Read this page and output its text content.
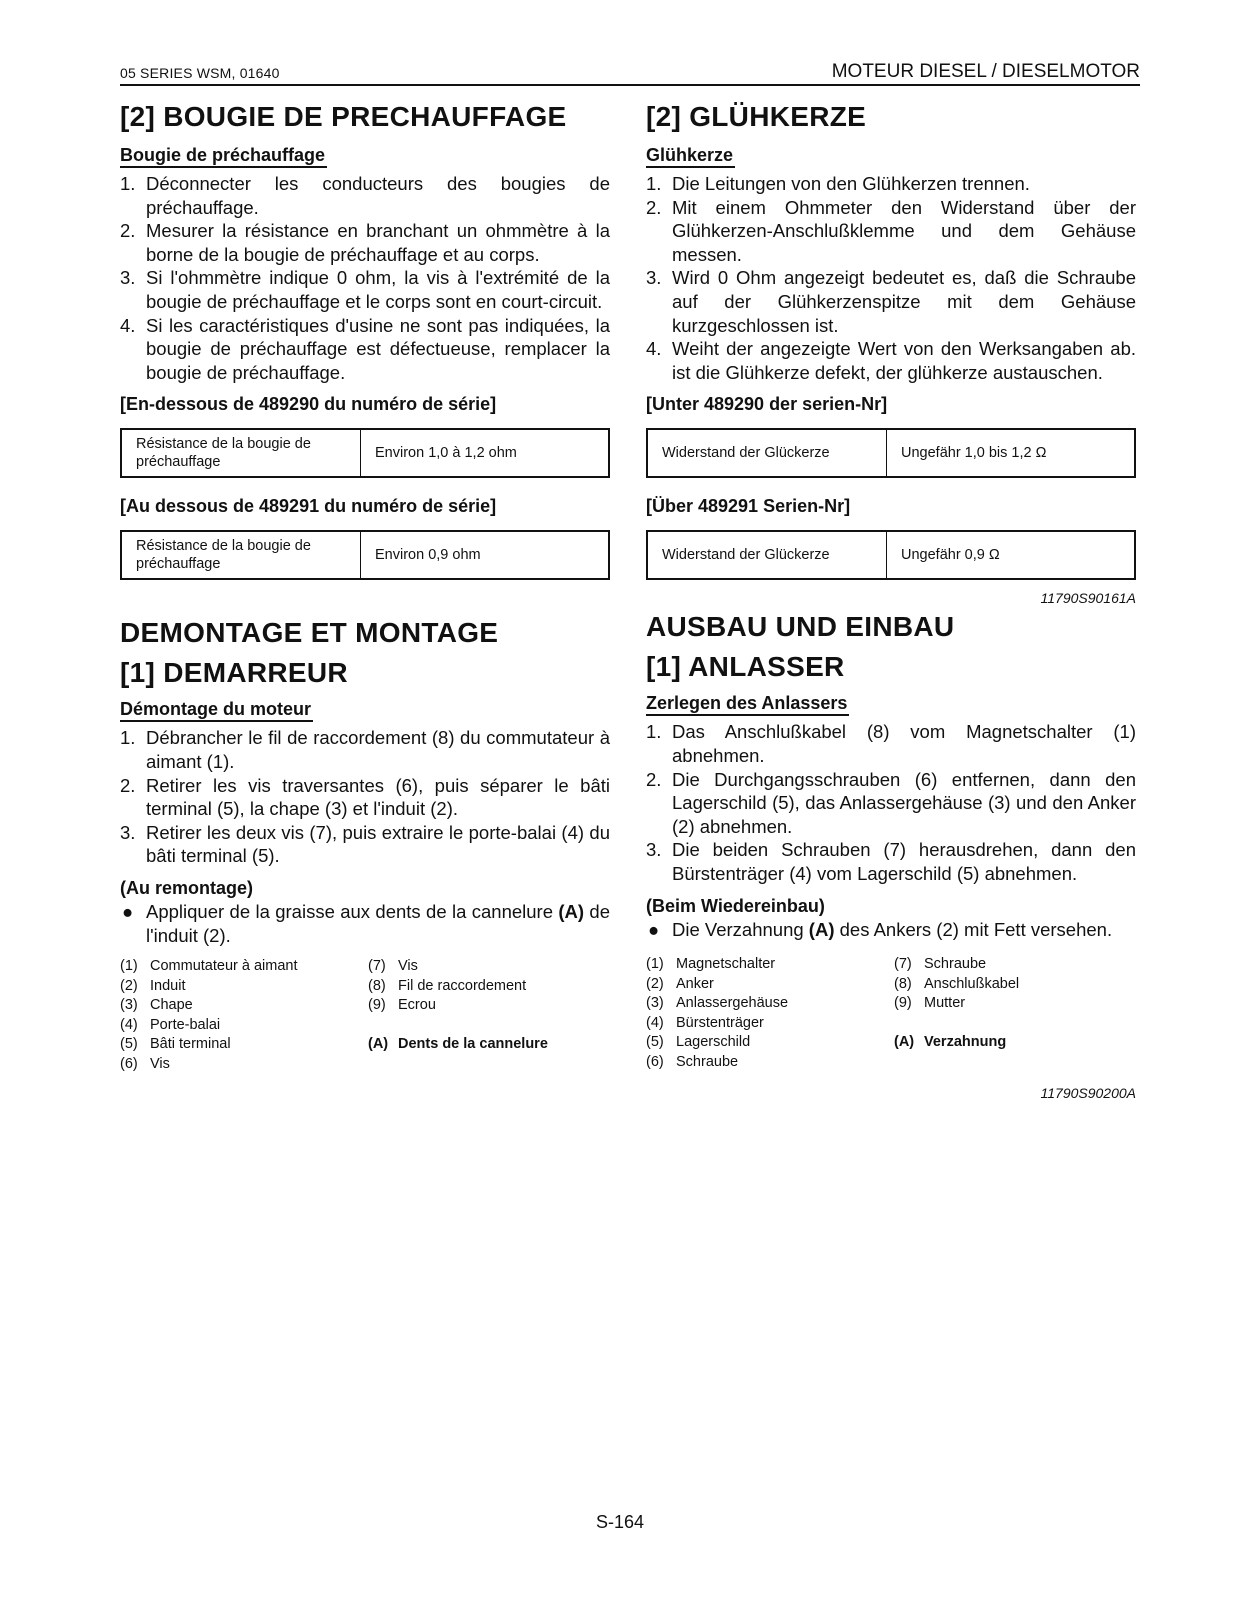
05 SERIES WSM, 01640	MOTEUR DIESEL / DIESELMOTOR
[2] BOUGIE DE PRECHAUFFAGE
Bougie de préchauffage
1. Déconnecter les conducteurs des bougies de préchauffage.
2. Mesurer la résistance en branchant un ohmmètre à la borne de la bougie de préchauffage et au corps.
3. Si l'ohmmètre indique 0 ohm, la vis à l'extrémité de la bougie de préchauffage et le corps sont en court-circuit.
4. Si les caractéristiques d'usine ne sont pas indiquées, la bougie de préchauffage est défectueuse, remplacer la bougie de préchauffage.
[En-dessous de 489290 du numéro de série]
Résistance de la bougie de préchauffage	Environ 1,0 à 1,2 ohm
[Au dessous de 489291 du numéro de série]
Résistance de la bougie de préchauffage	Environ 0,9 ohm
DEMONTAGE ET MONTAGE
[1] DEMARREUR
Démontage du moteur
1. Débrancher le fil de raccordement (8) du commutateur à aimant (1).
2. Retirer les vis traversantes (6), puis séparer le bâti terminal (5), la chape (3) et l'induit (2).
3. Retirer les deux vis (7), puis extraire le porte-balai (4) du bâti terminal (5).
(Au remontage)
● Appliquer de la graisse aux dents de la cannelure (A) de l'induit (2).
(1) Commutateur à aimant
(2) Induit
(3) Chape
(4) Porte-balai
(5) Bâti terminal
(6) Vis
(7) Vis
(8) Fil de raccordement
(9) Ecrou
(A) Dents de la cannelure
[2] GLÜHKERZE
Glühkerze
1. Die Leitungen von den Glühkerzen trennen.
2. Mit einem Ohmmeter den Widerstand über der Glühkerzen-Anschlußklemme und dem Gehäuse messen.
3. Wird 0 Ohm angezeigt bedeutet es, daß die Schraube auf der Glühkerzenspitze mit dem Gehäuse kurzgeschlossen ist.
4. Weiht der angezeigte Wert von den Werksangaben ab. ist die Glühkerze defekt, der glühkerze austauschen.
[Unter 489290 der serien-Nr]
Widerstand der Glückerze	Ungefähr 1,0 bis 1,2 Ω
[Über 489291 Serien-Nr]
Widerstand der Glückerze	Ungefähr 0,9 Ω
11790S90161A
AUSBAU UND EINBAU
[1] ANLASSER
Zerlegen des Anlassers
1. Das Anschlußkabel (8) vom Magnetschalter (1) abnehmen.
2. Die Durchgangsschrauben (6) entfernen, dann den Lagerschild (5), das Anlassergehäuse (3) und den Anker (2) abnehmen.
3. Die beiden Schrauben (7) herausdrehen, dann den Bürstenträger (4) vom Lagerschild (5) abnehmen.
(Beim Wiedereinbau)
● Die Verzahnung (A) des Ankers (2) mit Fett versehen.
(1) Magnetschalter
(2) Anker
(3) Anlassergehäuse
(4) Bürstenträger
(5) Lagerschild
(6) Schraube
(7) Schraube
(8) Anschlußkabel
(9) Mutter
(A) Verzahnung
11790S90200A
S-164
